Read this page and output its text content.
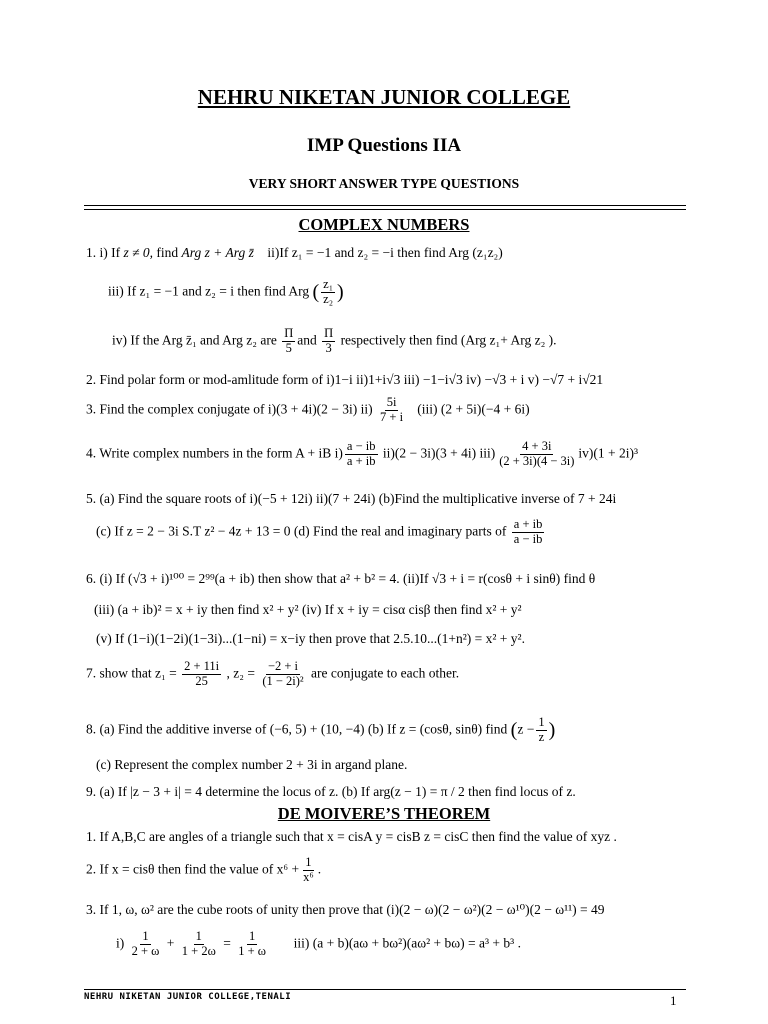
NEHRU NIKETAN JUNIOR COLLEGE
IMP Questions IIA
VERY SHORT ANSWER TYPE QUESTIONS
COMPLEX NUMBERS
1. i) If z ≠ 0, find Arg z + Arg z̄ ii)If z₁ = −1 and z₂ = −i then find Arg (z₁z₂)
iii) If z₁ = −1 and z₂ = i then find Arg ( $\frac{\text{z₁}}{\text{z₂}}$ )
iv) If the Arg z̄₁ and Arg z₂ are $\frac{\Pi}{5}$ and $\frac{\Pi}{3}$ respectively then find (Arg z₁+ Arg z₂ ).
2. Find polar form or mod-amlitude form of i)1−i ii)1+i√3 iii) −1−i√3 iv) −√3 + i v) −√7 + i√21
3. Find the complex conjugate of i)(3 + 4i)(2 − 3i) $ii) \frac{5i}{7 + i} (iii) (2 + 5i)(-4 + 6i)$
4. Write complex numbers in the form A + iB $i) \frac{a - ib}{a + ib} ii)(2 - 3i)(3 + 4i)$ $iii) \frac{4 + 3i}{(2 + 3i)(4 - 3i)} iv)(1 + 2i)^3$
5. (a) Find the square roots of i)(−5 + 12i) ii)(7 + 24i) (b)Find the multiplicative inverse of 7 + 24i
(c) If z = 2 − 3i S.T z² − 4z + 13 = 0 (d) Find the real and imaginary parts of $\frac{a + ib}{a - ib}$
6. (i) If (√3 + i)¹⁰⁰ = 2⁹⁹(a + ib) then show that a² + b² = 4. (ii)If √3 + i = r(cosθ + i sinθ) find θ
(iii) (a + ib)² = x + iy then find x² + y² (iv) If x + iy = cisα cisβ then find x² + y²
(v) If (1−i)(1−2i)(1−3i)...(1−ni) = x−iy then prove that 2.5.10...(1+n²) = x² + y².
7. show that $z_1 = \frac{2 + 11i}{25}$ , $z_2 = \frac{-2 + i}{\text{(1 − 2i)²}}$ are conjugate to each other.
8. (a) Find the additive inverse of (−6, 5) + (10, −4) (b) If z = (cosθ, sinθ) find ($z - \frac{1}{z}$ )
(c) Represent the complex number 2 + 3i in argand plane.
9. (a) If |z − 3 + i| = 4 determine the locus of z. (b) If arg(z − 1) = π / 2 then find locus of z.
DE MOIVERE’S THEOREM
1. If A,B,C are angles of a triangle such that x = cisA y = cisB z = cisC then find the value of xyz .
2. If x = cisθ then find the value of $x^6 + \frac{1}{\text{x⁶}}$ .
3. If 1, ω, ω² are the cube roots of unity then prove that (i)(2 − ω)(2 − ω²)(2 − ω¹⁰)(2 − ω¹¹) = 49
$i) \frac{1}{2 + \omega} + \frac{1}{1 + 2\omega} = \frac{1}{1 + \omega} iii$) (a + b)(aω + bω²)(aω² + bω) = a³ + b³ .
NEHRU NIKETAN JUNIOR COLLEGE,TENALI	1
